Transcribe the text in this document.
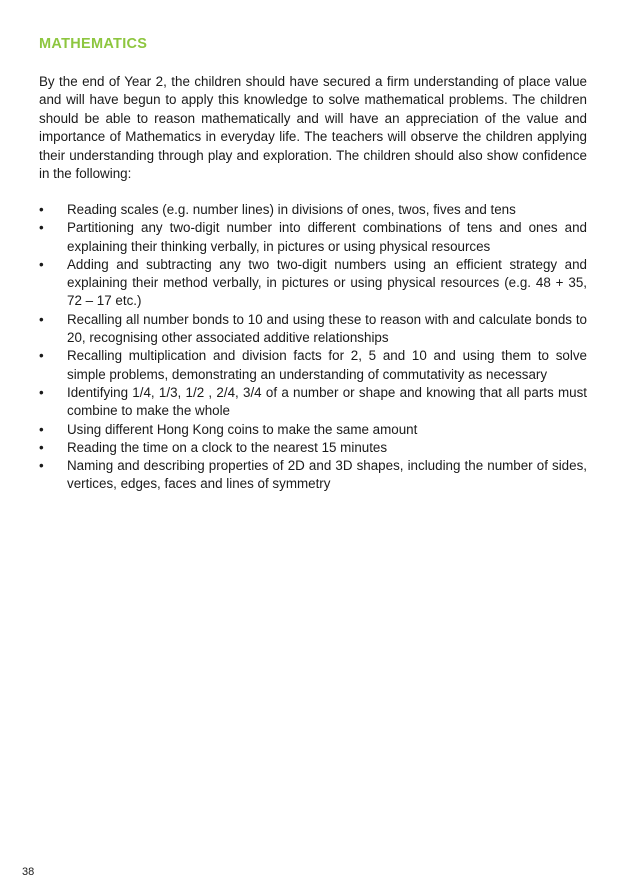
MATHEMATICS

By the end of Year 2, the children should have secured a firm understanding of place value and will have begun to apply this knowledge to solve mathematical problems. The children should be able to reason mathematically and will have an appreciation of the value and importance of Mathematics in everyday life. The teachers will observe the children applying their understanding through play and exploration. The children should also show confidence in the following:

•	Reading scales (e.g. number lines) in divisions of ones, twos, fives and tens
•	Partitioning any two-digit number into different combinations of tens and ones and explaining their thinking verbally, in pictures or using physical resources
•	Adding and subtracting any two two-digit numbers using an efficient strategy and explaining their method verbally, in pictures or using physical resources (e.g. 48 + 35, 72 – 17 etc.)
•	Recalling all number bonds to 10 and using these to reason with and calculate bonds to 20, recognising other associated additive relationships
•	Recalling multiplication and division facts for 2, 5 and 10 and using them to solve simple problems, demonstrating an understanding of commutativity as necessary
•	Identifying 1/4, 1/3, 1/2 , 2/4, 3/4 of a number or shape and knowing that all parts must combine to make the whole
•	Using different Hong Kong coins to make the same amount
•	Reading the time on a clock to the nearest 15 minutes
•	Naming and describing properties of 2D and 3D shapes, including the number of sides, vertices, edges, faces and lines of symmetry
38
